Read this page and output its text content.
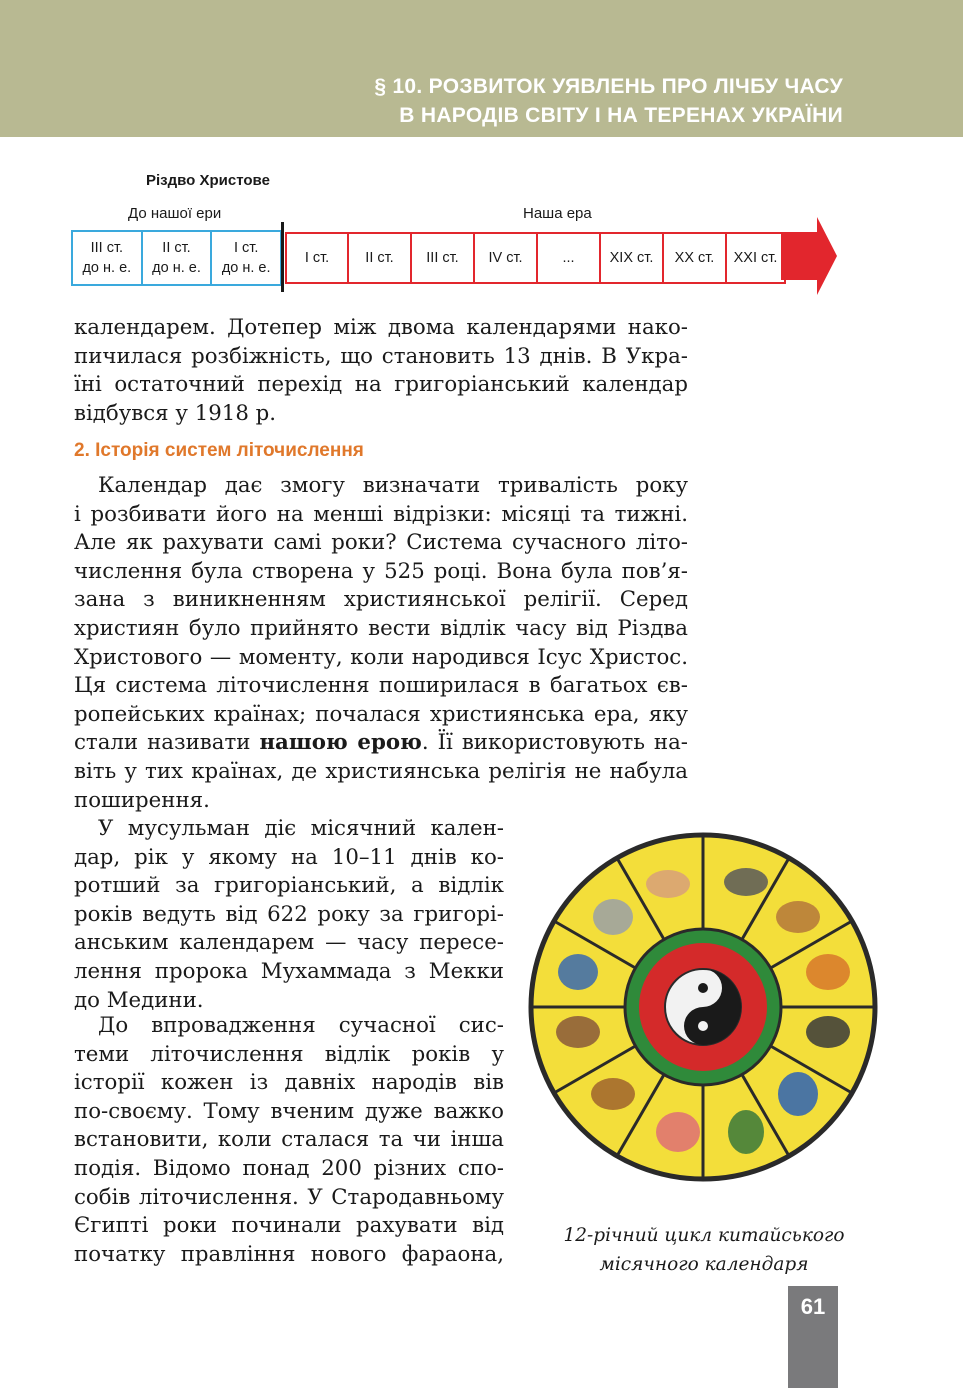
§ 10. РОЗВИТОК УЯВЛЕНЬ ПРО ЛІЧБУ ЧАСУ
В НАРОДІВ СВІТУ І НА ТЕРЕНАХ УКРАЇНИ
Різдво Христове
До нашої ери	Наша ера
III ст.
до н. е.
II ст.
до н. е.
I ст.
до н. е.
I ст.	II ст.	III ст.	IV ст.	...	XIX ст.	XX ст.	XXI ст.
календарем. Дотепер між двома календарями нако-
пичилася розбіжність, що становить 13 днів. В Укра-
їні остаточний перехід на григоріанський календар
відбувся у 1918 р.
2. Історія систем літочислення
Календар дає змогу визначати тривалість року
і розбивати його на менші відрізки: місяці та тижні.
Але як рахувати самі роки? Система сучасного літо-
числення була створена у 525 році. Вона була пов’я-
зана з виникненням християнської релігії. Серед
християн було прийнято вести відлік часу від Різдва
Христового — моменту, коли народився Ісус Христос.
Ця система літочислення поширилася в багатьох єв-
ропейських країнах; почалася християнська ера, яку
стали називати нашою ерою. Її використовують на-
віть у тих країнах, де християнська релігія не набула
поширення.
У мусульман діє місячний кален-
дар, рік у якому на 10–11 днів ко-
ротший за григоріанський, а відлік
років ведуть від 622 року за григорі-
анським календарем — часу пересе-
лення пророка Мухаммада з Мекки
до Медини.
До впровадження сучасної сис-
теми літочислення відлік років у
історії кожен із давніх народів вів
по-своєму. Тому вченим дуже важко
встановити, коли сталася та чи інша
подія. Відомо понад 200 різних спо-
собів літочислення. У Стародавньому
Єгипті роки починали рахувати від
початку правління нового фараона,
12-річний цикл китайського
місячного календаря
61
